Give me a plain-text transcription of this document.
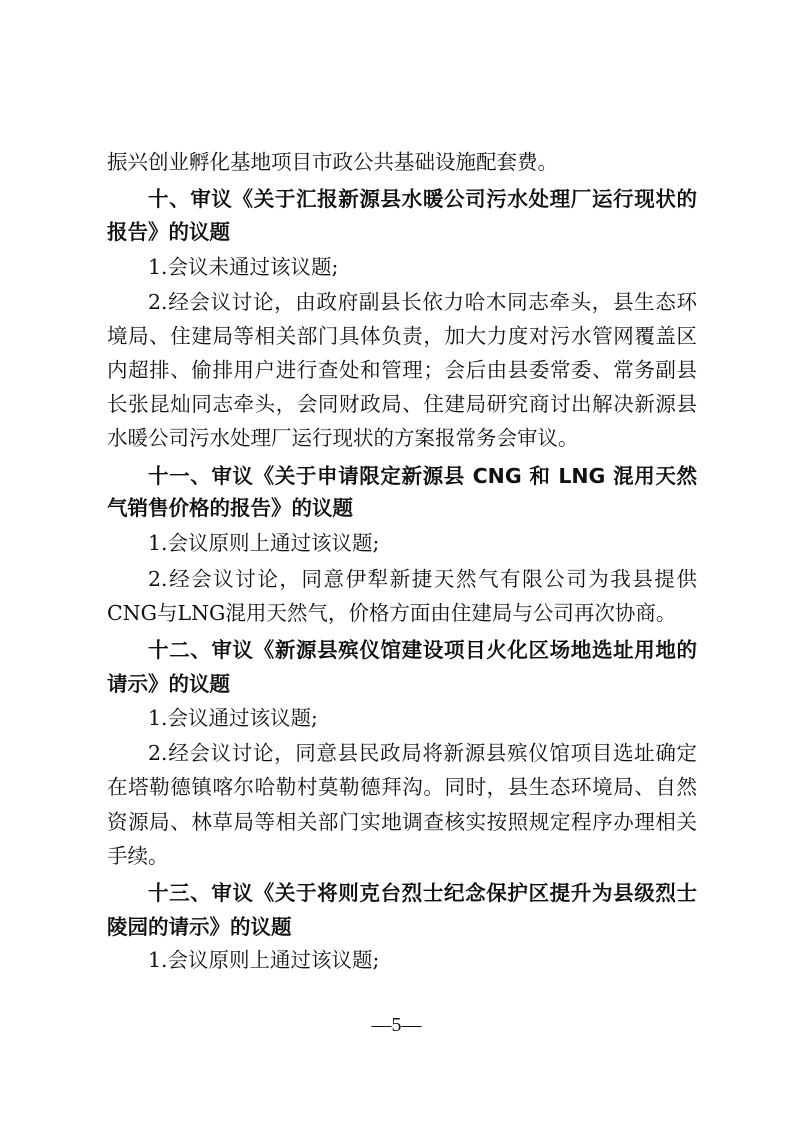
振兴创业孵化基地项目市政公共基础设施配套费。
十、审议《关于汇报新源县水暖公司污水处理厂运行现状的
报告》的议题
1.会议未通过该议题;
2.经会议讨论，由政府副县长依力哈木同志牵头，县生态环
境局、住建局等相关部门具体负责，加大力度对污水管网覆盖区
内超排、偷排用户进行查处和管理；会后由县委常委、常务副县
长张昆灿同志牵头，会同财政局、住建局研究商讨出解决新源县
水暖公司污水处理厂运行现状的方案报常务会审议。
十一、审议《关于申请限定新源县 CNG 和 LNG 混用天然
气销售价格的报告》的议题
1.会议原则上通过该议题;
2.经会议讨论，同意伊犁新捷天然气有限公司为我县提供
CNG与LNG混用天然气，价格方面由住建局与公司再次协商。
十二、审议《新源县殡仪馆建设项目火化区场地选址用地的
请示》的议题
1.会议通过该议题;
2.经会议讨论，同意县民政局将新源县殡仪馆项目选址确定
在塔勒德镇喀尔哈勒村莫勒德拜沟。同时，县生态环境局、自然
资源局、林草局等相关部门实地调查核实按照规定程序办理相关
手续。
十三、审议《关于将则克台烈士纪念保护区提升为县级烈士
陵园的请示》的议题
1.会议原则上通过该议题;
—5—
